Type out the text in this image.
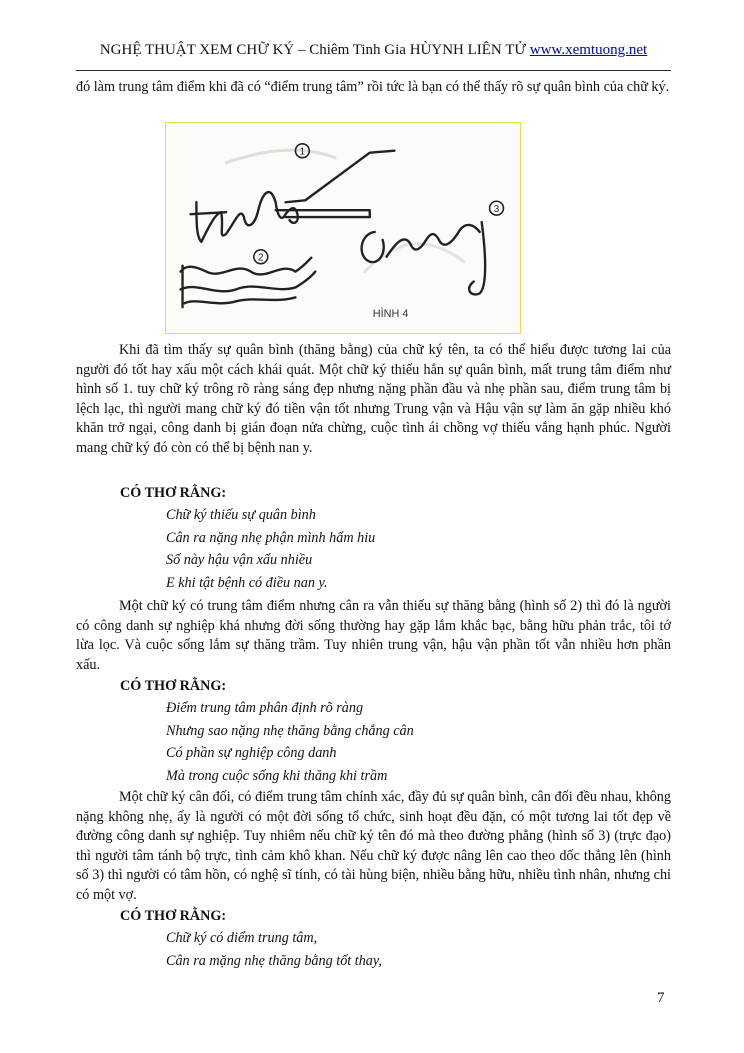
NGHỆ THUẬT XEM CHỮ KÝ – Chiêm Tinh Gia HÙYNH LIÊN TỬ www.xemtuong.net
đó làm trung tâm điểm khi đã có “điểm trung tâm” rồi tức là bạn có thể thấy rõ sự quân bình của chữ ký.
1
2
3
HÌNH 4
Khi đã tìm thấy sự quân bình (thăng bằng) của chữ ký tên, ta có thể hiểu được tương lai của người đó tốt hay xấu một cách khái quát. Một chữ ký thiếu hẳn sự quân bình, mất trung tâm điểm như hình số 1. tuy chữ ký trông rõ ràng sáng đẹp nhưng nặng phần đầu và nhẹ phần sau, điểm trung tâm bị lệch lạc, thì người mang chữ ký đó tiền vận tốt nhưng Trung vận và Hậu vận sự làm ăn gặp nhiều khó khăn trở ngại, công danh bị gián đoạn nửa chừng, cuộc tình ái chồng vợ thiếu vắng hạnh phúc. Người mang chữ ký đó còn có thể bị bệnh nan y.
CÓ THƠ RẰNG:
Chữ ký thiếu sự quân bình
Cân ra nặng nhẹ phận mình hẩm hiu
Số này hậu vận xấu nhiều
E khi tật bệnh có điều nan y.
Một chữ ký có trung tâm điểm nhưng cân ra vẫn thiếu sự thăng bằng (hình số 2) thì đó là người có công danh sự nghiệp khá nhưng đời sống thường hay gặp lắm khắc bạc, bằng hữu phản trắc, tôi tớ lừa lọc. Và cuộc sống lắm sự thăng trầm. Tuy nhiên trung vận, hậu vận phần tốt vẫn nhiều hơn phần xấu.
CÓ THƠ RẰNG:
Điểm trung tâm phân định rõ ràng
Nhưng sao nặng nhẹ thăng bằng chẳng cân
Có phần sự nghiệp công danh
Mà trong cuộc sống khi thăng khi trầm
Một chữ ký cân đối, có điểm trung tâm chính xác, đầy đủ sự quân bình, cân đối đều nhau, không nặng không nhẹ, ấy là người có một đời sống tổ chức, sinh hoạt đều đặn, có một tương lai tốt đẹp về đường công danh sự nghiệp. Tuy nhiêm nếu chữ ký tên đó mà theo đường phẳng (hình số 3) (trực đạo) thì người tâm tánh bộ trực, tình cảm khô khan. Nếu chữ ký được nâng lên cao theo dốc thẳng lên (hình số 3) thì người có tâm hồn, có nghệ sĩ tính, có tài hùng biện, nhiều bằng hữu, nhiều tình nhân, nhưng chỉ có một vợ.
CÓ THƠ RẰNG:
Chữ ký có diểm trung tâm,
Cân ra mặng nhẹ thăng bằng tốt thay,
7
